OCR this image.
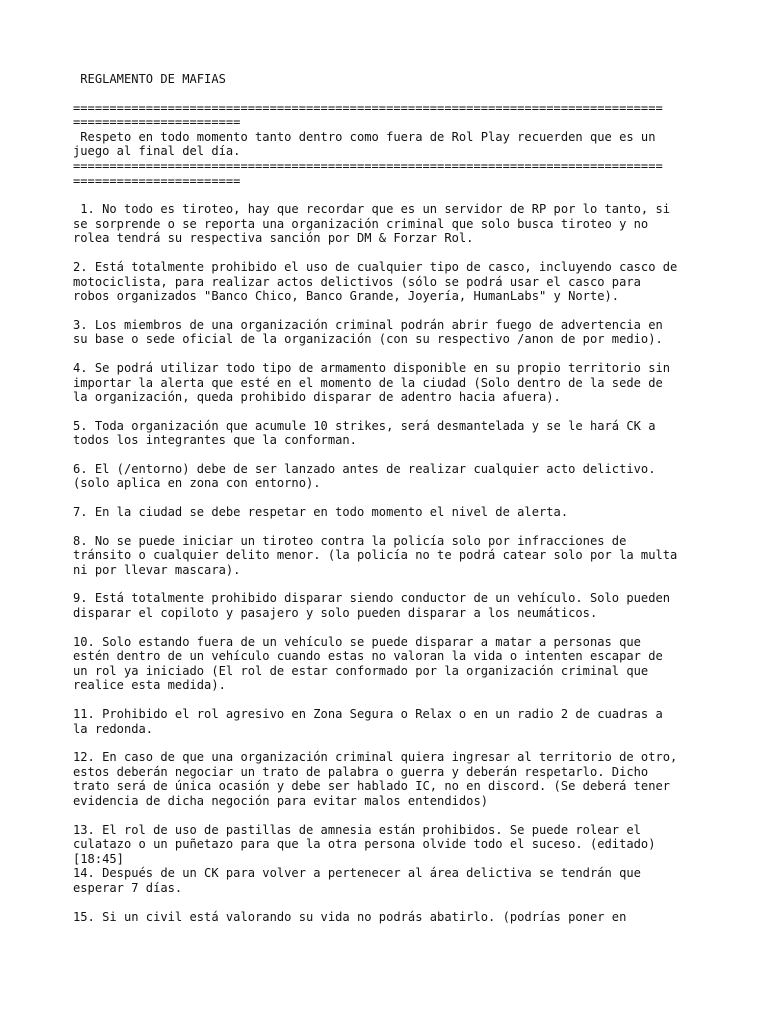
REGLAMENTO DE MAFIAS
=================================================================================
=======================
Respeto en todo momento tanto dentro como fuera de Rol Play recuerden que es un
juego al final del día.
=================================================================================
=======================
1. No todo es tiroteo, hay que recordar que es un servidor de RP por lo tanto, si
se sorprende o se reporta una organización criminal que solo busca tiroteo y no
rolea tendrá su respectiva sanción por DM & Forzar Rol.
2. Está totalmente prohibido el uso de cualquier tipo de casco, incluyendo casco de
motociclista, para realizar actos delictivos (sólo se podrá usar el casco para
robos organizados "Banco Chico, Banco Grande, Joyería, HumanLabs" y Norte).
3. Los miembros de una organización criminal podrán abrir fuego de advertencia en
su base o sede oficial de la organización (con su respectivo /anon de por medio).
4. Se podrá utilizar todo tipo de armamento disponible en su propio territorio sin
importar la alerta que esté en el momento de la ciudad (Solo dentro de la sede de
la organización, queda prohibido disparar de adentro hacia afuera).
5. Toda organización que acumule 10 strikes, será desmantelada y se le hará CK a
todos los integrantes que la conforman.
6. El (/entorno) debe de ser lanzado antes de realizar cualquier acto delictivo.
(solo aplica en zona con entorno).
7. En la ciudad se debe respetar en todo momento el nivel de alerta.
8. No se puede iniciar un tiroteo contra la policía solo por infracciones de
tránsito o cualquier delito menor. (la policía no te podrá catear solo por la multa
ni por llevar mascara).
9. Está totalmente prohibido disparar siendo conductor de un vehículo. Solo pueden
disparar el copiloto y pasajero y solo pueden disparar a los neumáticos.
10. Solo estando fuera de un vehículo se puede disparar a matar a personas que
estén dentro de un vehículo cuando estas no valoran la vida o intenten escapar de
un rol ya iniciado (El rol de estar conformado por la organización criminal que
realice esta medida).
11. Prohibido el rol agresivo en Zona Segura o Relax o en un radio 2 de cuadras a
la redonda.
12. En caso de que una organización criminal quiera ingresar al territorio de otro,
estos deberán negociar un trato de palabra o guerra y deberán respetarlo. Dicho
trato será de única ocasión y debe ser hablado IC, no en discord. (Se deberá tener
evidencia de dicha negoción para evitar malos entendidos)
13. El rol de uso de pastillas de amnesia están prohibidos. Se puede rolear el
culatazo o un puñetazo para que la otra persona olvide todo el suceso. (editado)
[18:45]
14. Después de un CK para volver a pertenecer al área delictiva se tendrán que
esperar 7 días.
15. Si un civil está valorando su vida no podrás abatirlo. (podrías poner en
